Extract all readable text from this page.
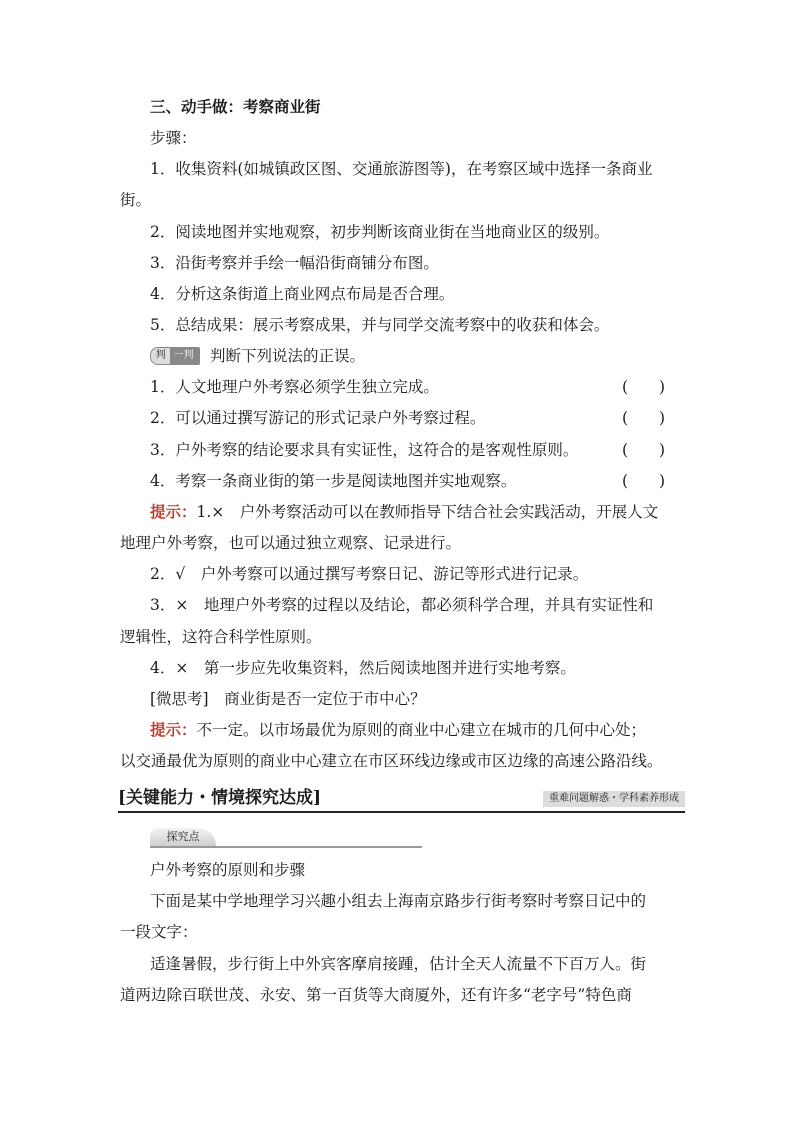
三、动手做：考察商业街
步骤：
1．收集资料(如城镇政区图、交通旅游图等)，在考察区域中选择一条商业
街。
2．阅读地图并实地观察，初步判断该商业街在当地商业区的级别。
3．沿街考察并手绘一幅沿街商铺分布图。
4．分析这条街道上商业网点布局是否合理。
5．总结成果：展示考察成果，并与同学交流考察中的收获和体会。
判 一判 判断下列说法的正误。
1．人文地理户外考察必须学生独立完成。	(　　)
2．可以通过撰写游记的形式记录户外考察过程。	(　　)
3．户外考察的结论要求具有实证性，这符合的是客观性原则。	(　　)
4．考察一条商业街的第一步是阅读地图并实地观察。	(　　)
提示：1.×　户外考察活动可以在教师指导下结合社会实践活动，开展人文
地理户外考察，也可以通过独立观察、记录进行。
2．√　户外考察可以通过撰写考察日记、游记等形式进行记录。
3．×　地理户外考察的过程以及结论，都必须科学合理，并具有实证性和
逻辑性，这符合科学性原则。
4．×　第一步应先收集资料，然后阅读地图并进行实地考察。
[微思考]　商业街是否一定位于市中心？
提示：不一定。以市场最优为原则的商业中心建立在城市的几何中心处；
以交通最优为原则的商业中心建立在市区环线边缘或市区边缘的高速公路沿线。
[关键能力・情境探究达成]	重难问题解惑・学科素养形成
探究点
户外考察的原则和步骤
下面是某中学地理学习兴趣小组去上海南京路步行街考察时考察日记中的
一段文字：
适逢暑假，步行街上中外宾客摩肩接踵，估计全天人流量不下百万人。街
道两边除百联世茂、永安、第一百货等大商厦外，还有许多“老字号”特色商
